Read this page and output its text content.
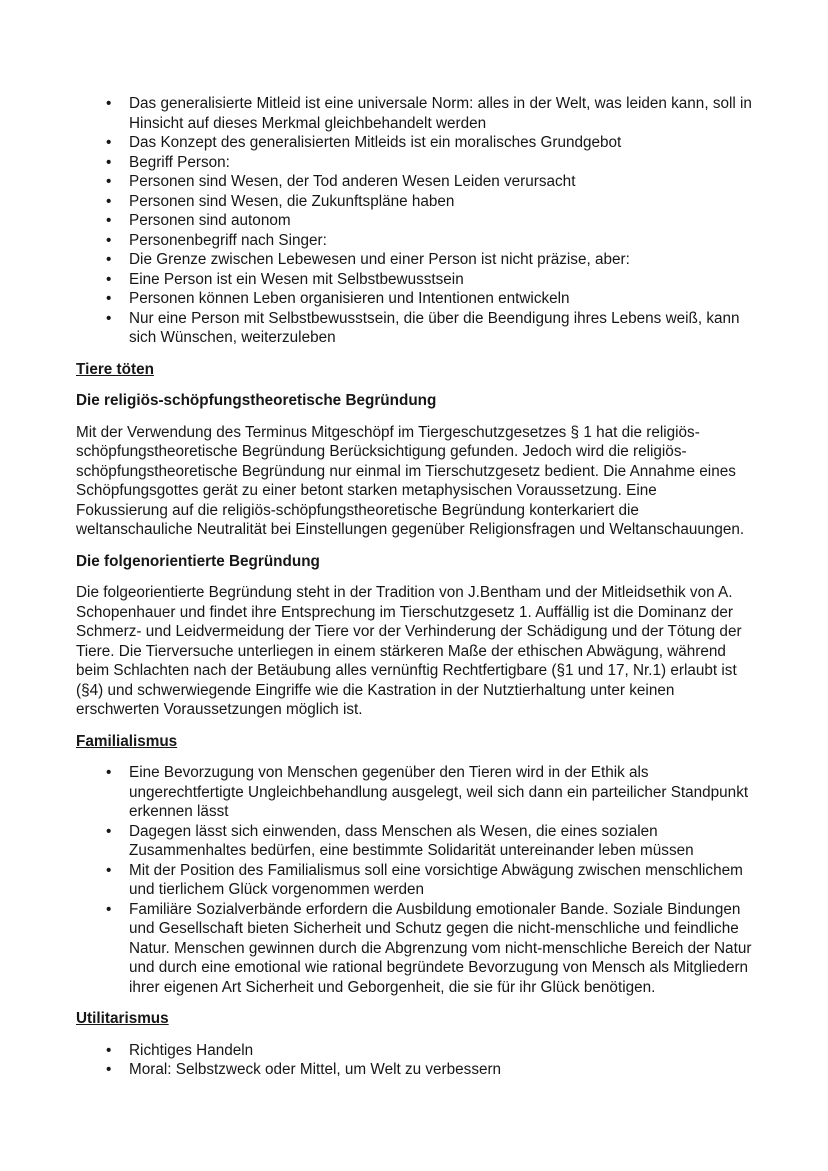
• Das generalisierte Mitleid ist eine universale Norm: alles in der Welt, was leiden kann, soll in Hinsicht auf dieses Merkmal gleichbehandelt werden
• Das Konzept des generalisierten Mitleids ist ein moralisches Grundgebot
• Begriff Person:
• Personen sind Wesen, der Tod anderen Wesen Leiden verursacht
• Personen sind Wesen, die Zukunftspläne haben
• Personen sind autonom
• Personenbegriff nach Singer:
• Die Grenze zwischen Lebewesen und einer Person ist nicht präzise, aber:
• Eine Person ist ein Wesen mit Selbstbewusstsein
• Personen können Leben organisieren und Intentionen entwickeln
• Nur eine Person mit Selbstbewusstsein, die über die Beendigung ihres Lebens weiß, kann sich Wünschen, weiterzuleben
Tiere töten
Die religiös-schöpfungstheoretische Begründung

Mit der Verwendung des Terminus Mitgeschöpf im Tiergeschutzgesetzes § 1 hat die religiös-schöpfungstheoretische Begründung Berücksichtigung gefunden. Jedoch wird die religiös-schöpfungstheoretische Begründung nur einmal im Tierschutzgesetz bedient. Die Annahme eines Schöpfungsgottes gerät zu einer betont starken metaphysischen Voraussetzung. Eine Fokussierung auf die religiös-schöpfungstheoretische Begründung konterkariert die weltanschauliche Neutralität bei Einstellungen gegenüber Religionsfragen und Weltanschauungen.

Die folgenorientierte Begründung

Die folgeorientierte Begründung steht in der Tradition von J.Bentham und der Mitleidsethik von A. Schopenhauer und findet ihre Entsprechung im Tierschutzgesetz 1. Auffällig ist die Dominanz der Schmerz- und Leidvermeidung der Tiere vor der Verhinderung der Schädigung und der Tötung der Tiere. Die Tierversuche unterliegen in einem stärkeren Maße der ethischen Abwägung, während beim Schlachten nach der Betäubung alles vernünftig Rechtfertigbare (§1 und 17, Nr.1) erlaubt ist (§4) und schwerwiegende Eingriffe wie die Kastration in der Nutztierhaltung unter keinen erschwerten Voraussetzungen möglich ist.

Familialismus
• Eine Bevorzugung von Menschen gegenüber den Tieren wird in der Ethik als ungerechtfertigte Ungleichbehandlung ausgelegt, weil sich dann ein parteilicher Standpunkt erkennen lässt
• Dagegen lässt sich einwenden, dass Menschen als Wesen, die eines sozialen Zusammenhaltes bedürfen, eine bestimmte Solidarität untereinander leben müssen
• Mit der Position des Familialismus soll eine vorsichtige Abwägung zwischen menschlichem und tierlichem Glück vorgenommen werden
• Familiäre Sozialverbände erfordern die Ausbildung emotionaler Bande. Soziale Bindungen und Gesellschaft bieten Sicherheit und Schutz gegen die nicht-menschliche und feindliche Natur. Menschen gewinnen durch die Abgrenzung vom nicht-menschliche Bereich der Natur und durch eine emotional wie rational begründete Bevorzugung von Mensch als Mitgliedern ihrer eigenen Art Sicherheit und Geborgenheit, die sie für ihr Glück benötigen.
Utilitarismus
• Richtiges Handeln
• Moral: Selbstzweck oder Mittel, um Welt zu verbessern
